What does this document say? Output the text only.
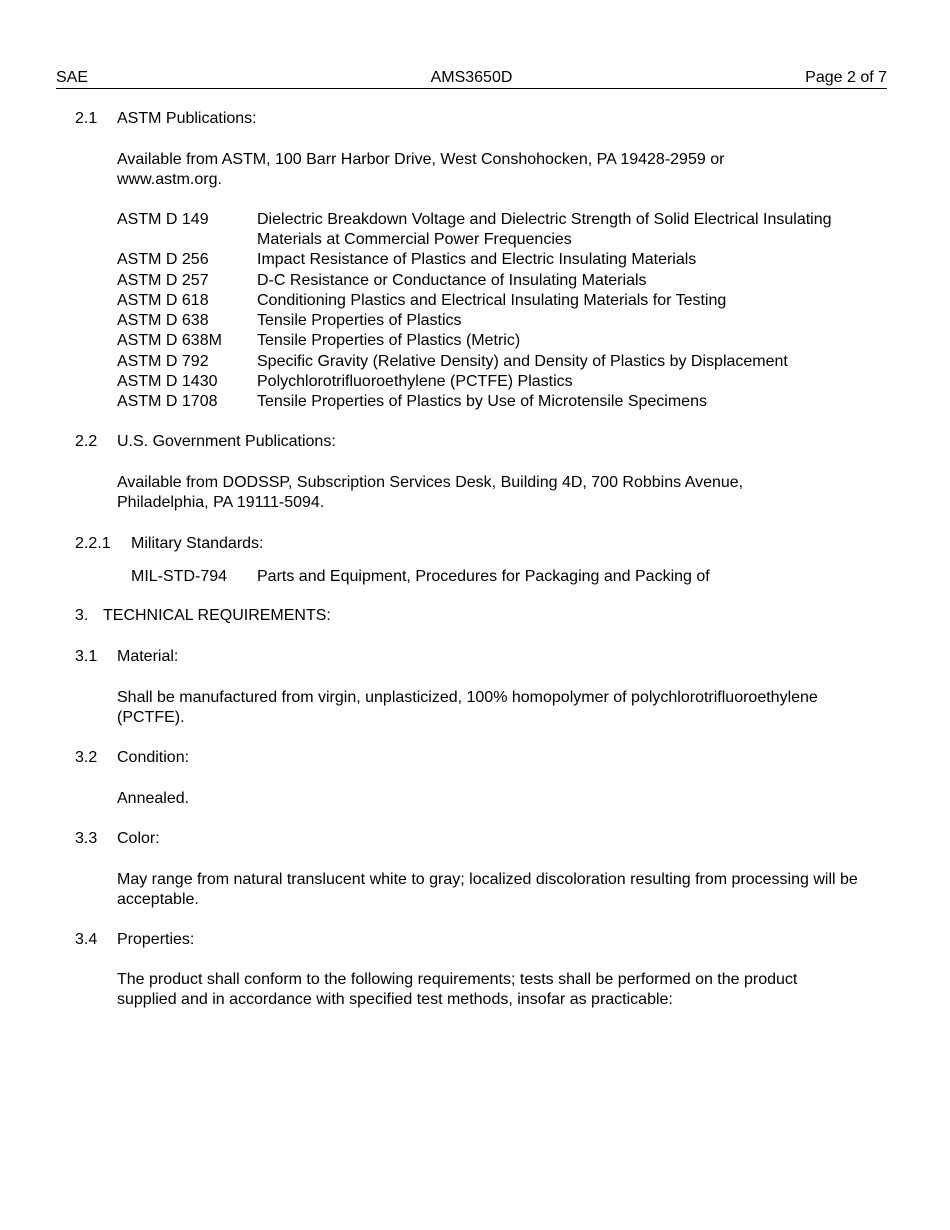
SAE	AMS3650D	Page 2 of 7
2.1 ASTM Publications:
Available from ASTM, 100 Barr Harbor Drive, West Conshohocken, PA 19428-2959 or www.astm.org.
ASTM D 149	Dielectric Breakdown Voltage and Dielectric Strength of Solid Electrical Insulating Materials at Commercial Power Frequencies
ASTM D 256	Impact Resistance of Plastics and Electric Insulating Materials
ASTM D 257	D-C Resistance or Conductance of Insulating Materials
ASTM D 618	Conditioning Plastics and Electrical Insulating Materials for Testing
ASTM D 638	Tensile Properties of Plastics
ASTM D 638M Tensile Properties of Plastics (Metric)
ASTM D 792	Specific Gravity (Relative Density) and Density of Plastics by Displacement
ASTM D 1430 Polychlorotrifluoroethylene (PCTFE) Plastics
ASTM D 1708 Tensile Properties of Plastics by Use of Microtensile Specimens
2.2 U.S. Government Publications:
Available from DODSSP, Subscription Services Desk, Building 4D, 700 Robbins Avenue, Philadelphia, PA 19111-5094.
2.2.1 Military Standards:
MIL-STD-794 Parts and Equipment, Procedures for Packaging and Packing of
3. TECHNICAL REQUIREMENTS:
3.1 Material:
Shall be manufactured from virgin, unplasticized, 100% homopolymer of polychlorotrifluoroethylene (PCTFE).
3.2 Condition:
Annealed.
3.3 Color:
May range from natural translucent white to gray; localized discoloration resulting from processing will be acceptable.
3.4 Properties:
The product shall conform to the following requirements; tests shall be performed on the product supplied and in accordance with specified test methods, insofar as practicable:
